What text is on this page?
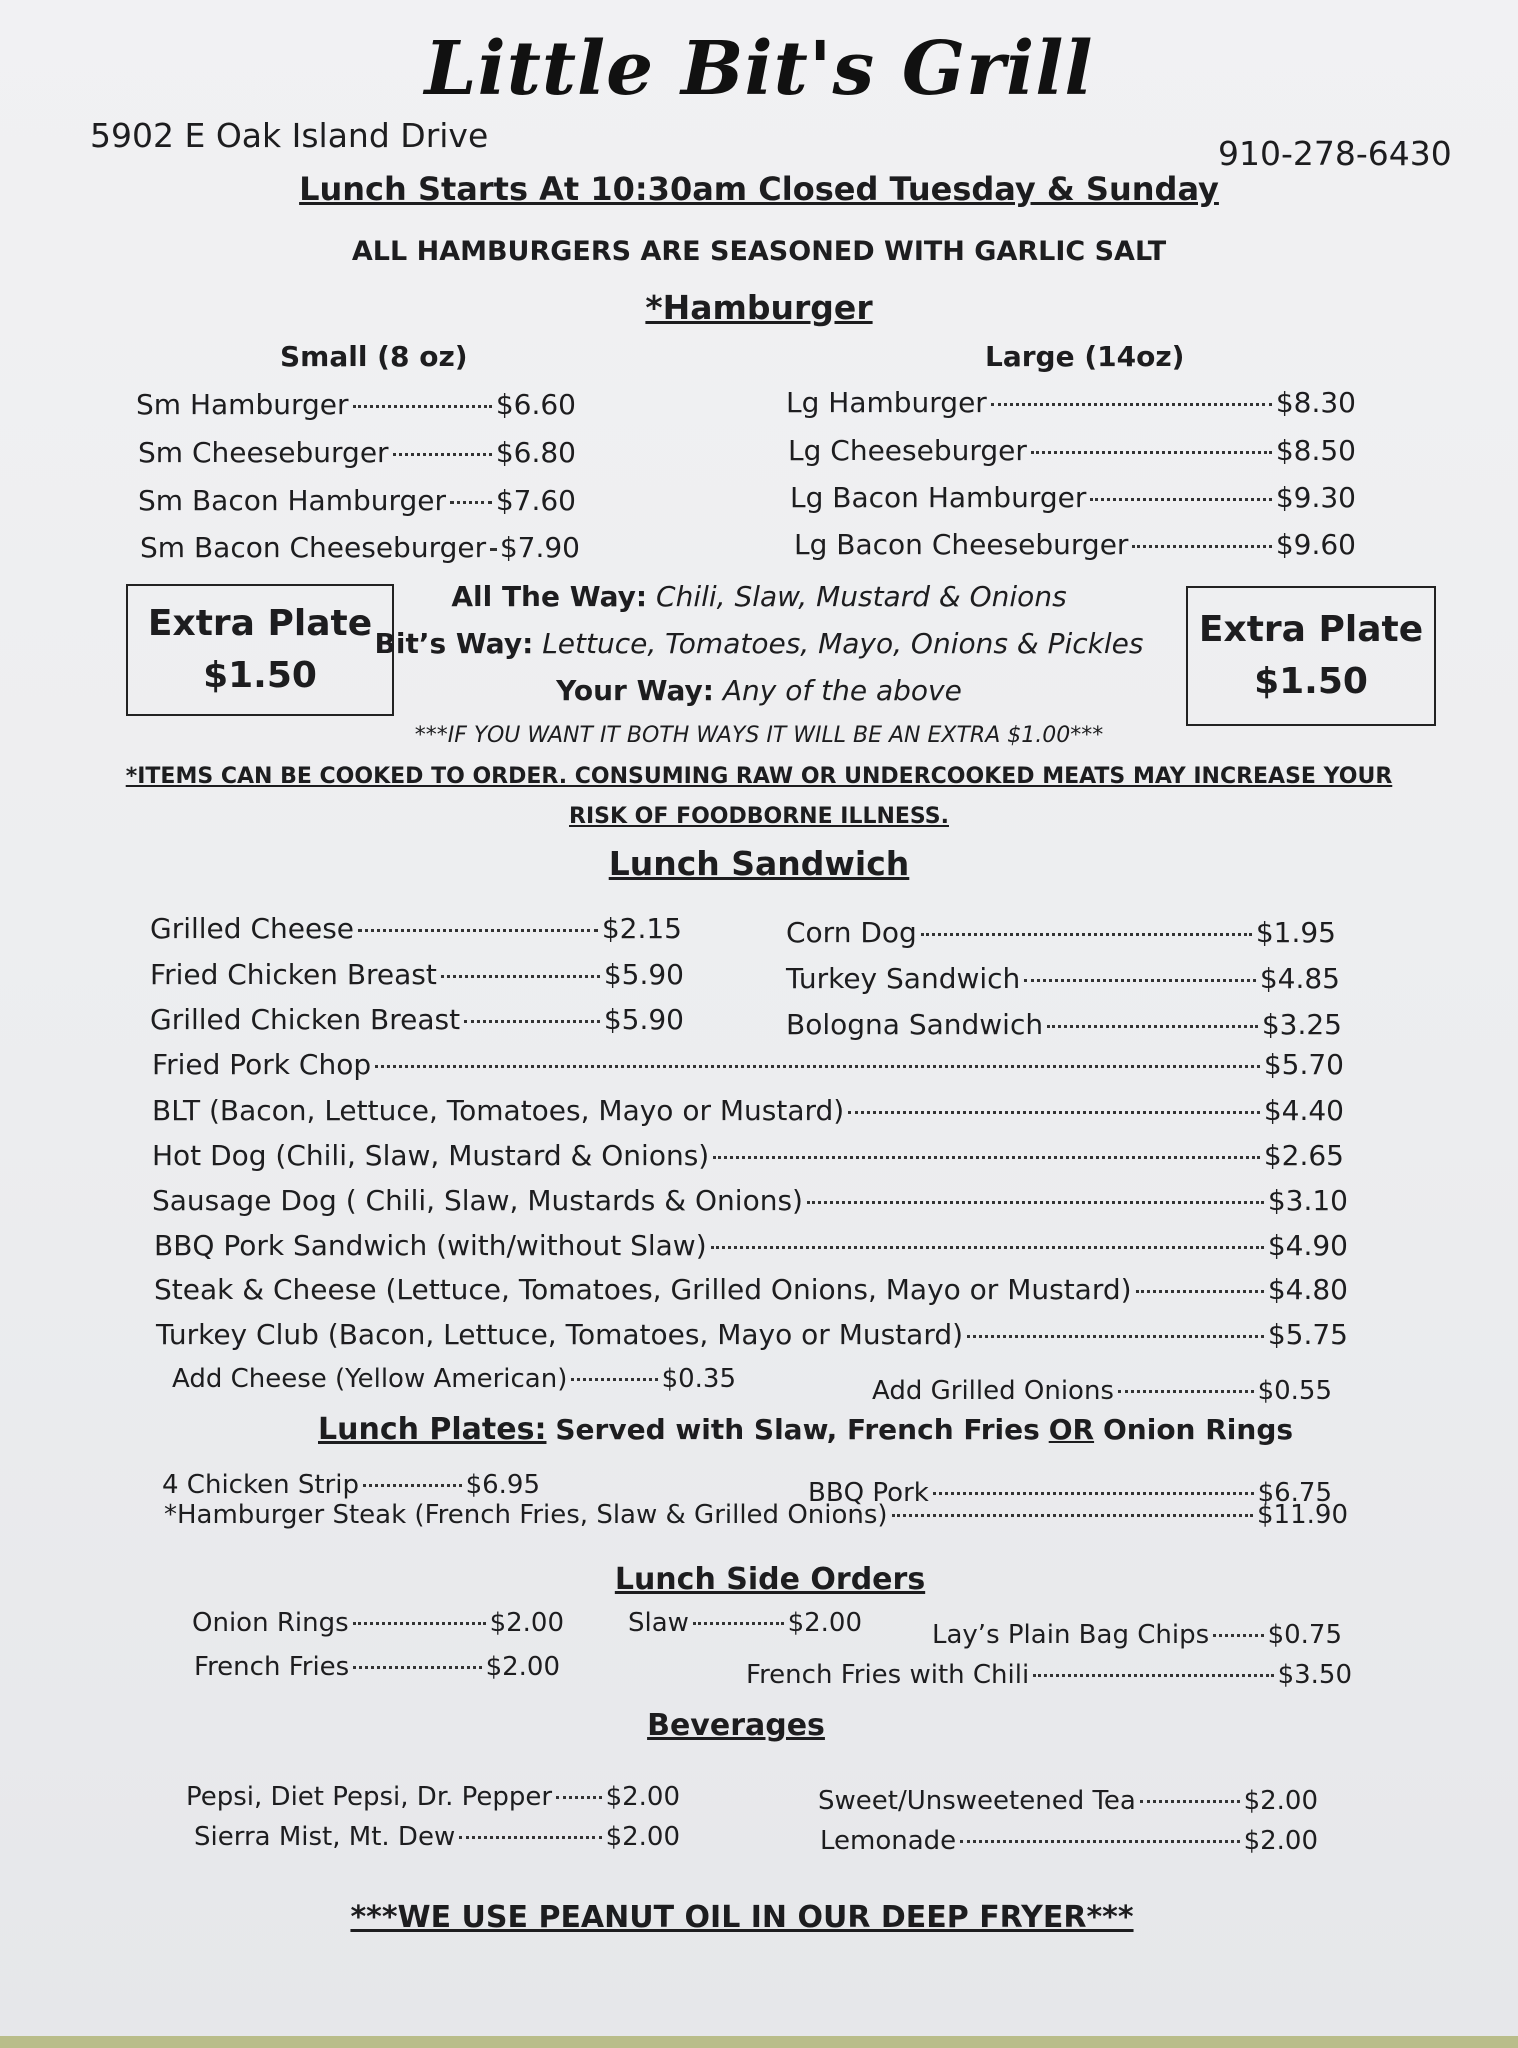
Little Bit's Grill
5902 E Oak Island Drive	910-278-6430
Lunch Starts At 10:30am Closed Tuesday & Sunday
ALL HAMBURGERS ARE SEASONED WITH GARLIC SALT
*Hamburger
Small (8 oz)	Large (14oz)
Sm Hamburger	$6.60
Sm Cheeseburger	$6.80
Sm Bacon Hamburger $7.60
Sm Bacon Cheeseburger $7.90
Lg Hamburger	$8.30
Lg Cheeseburger	$8.50
Lg Bacon Hamburger	$9.30
Lg Bacon Cheeseburger	$9.60
Extra Plate
$1.50
Extra Plate
$1.50
All The Way: Chili, Slaw, Mustard & Onions
Bit’s Way: Lettuce, Tomatoes, Mayo, Onions & Pickles
Your Way: Any of the above
***IF YOU WANT IT BOTH WAYS IT WILL BE AN EXTRA $1.00***
*ITEMS CAN BE COOKED TO ORDER. CONSUMING RAW OR UNDERCOOKED MEATS MAY INCREASE YOUR
RISK OF FOODBORNE ILLNESS.
Lunch Sandwich
Grilled Cheese	$2.15
Fried Chicken Breast	$5.90
Grilled Chicken Breast	$5.90
Corn Dog	$1.95
Turkey Sandwich	$4.85
Bologna Sandwich	$3.25
Fried Pork Chop	$5.70
BLT (Bacon, Lettuce, Tomatoes, Mayo or Mustard)	$4.40
Hot Dog (Chili, Slaw, Mustard & Onions)	$2.65
Sausage Dog ( Chili, Slaw, Mustards & Onions)	$3.10
BBQ Pork Sandwich (with/without Slaw)	$4.90
Steak & Cheese (Lettuce, Tomatoes, Grilled Onions, Mayo or Mustard)	$4.80
Turkey Club (Bacon, Lettuce, Tomatoes, Mayo or Mustard)	$5.75
Add Cheese (Yellow American)	$0.35	Add Grilled Onions	$0.55
Lunch Plates: Served with Slaw, French Fries OR Onion Rings
4 Chicken Strip	$6.95	BBQ Pork	$6.75
*Hamburger Steak (French Fries, Slaw & Grilled Onions)	$11.90
Lunch Side Orders
Onion Rings	$2.00 Slaw	$2.00	Lay’s Plain Bag Chips $0.75
French Fries	$2.00	French Fries with Chili	$3.50
Beverages
Pepsi, Diet Pepsi, Dr. Pepper $2.00
Sierra Mist, Mt. Dew	$2.00
Sweet/Unsweetened Tea	$2.00
Lemonade	$2.00
***WE USE PEANUT OIL IN OUR DEEP FRYER***
